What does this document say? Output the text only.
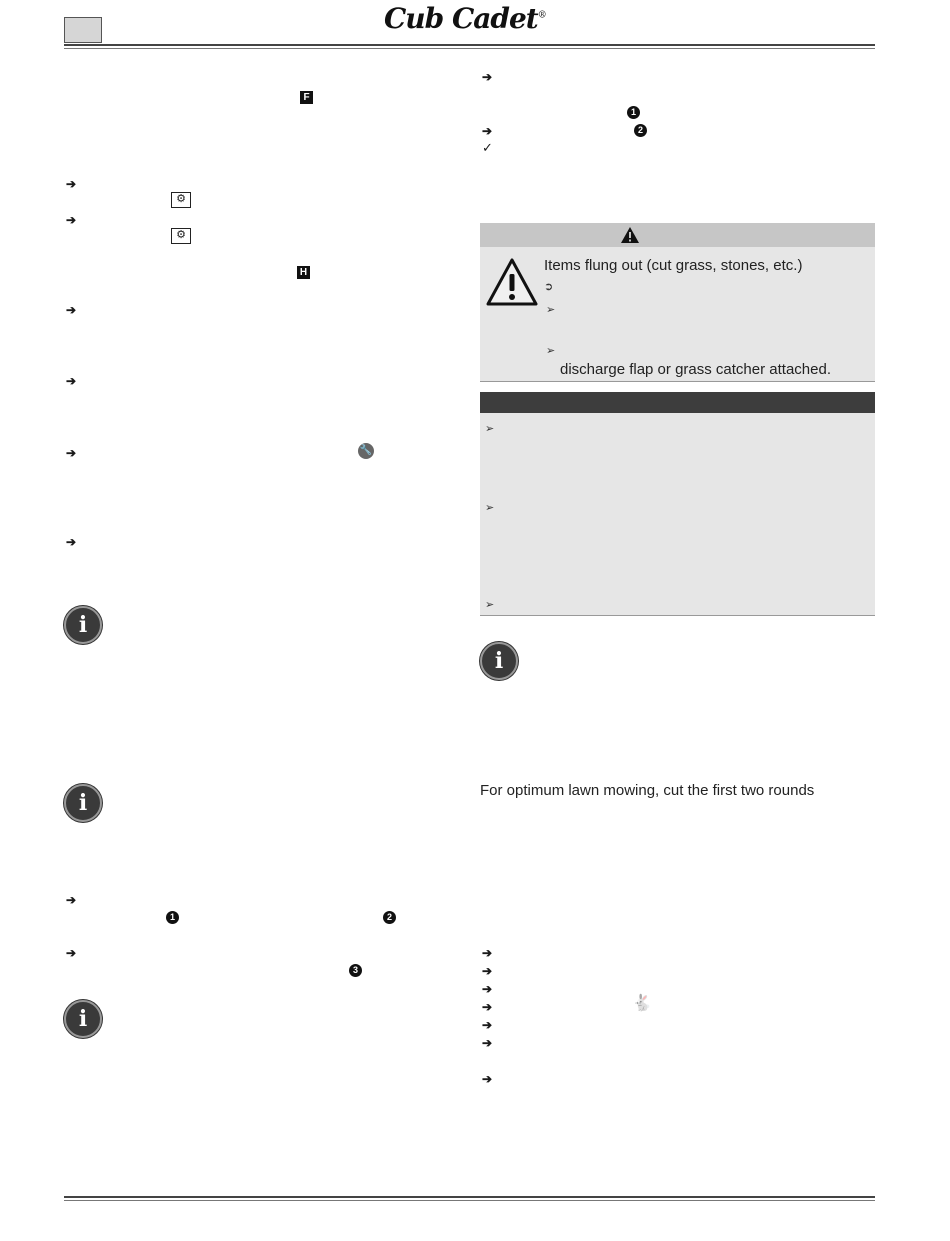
Cub Cadet®
F
➔
⚙
➔
⚙
H
➔
➔
➔	🔧
➔
i
i
➔
1	2
➔
3
i
➔
1
➔	2
✓
Items flung out (cut grass, stones, etc.)
➲
➢
➢
discharge flap or grass catcher attached.
➢
➢
➢
i
For optimum lawn mowing, cut the first two rounds
➔
➔
➔
➔	🐇
➔
➔
➔
